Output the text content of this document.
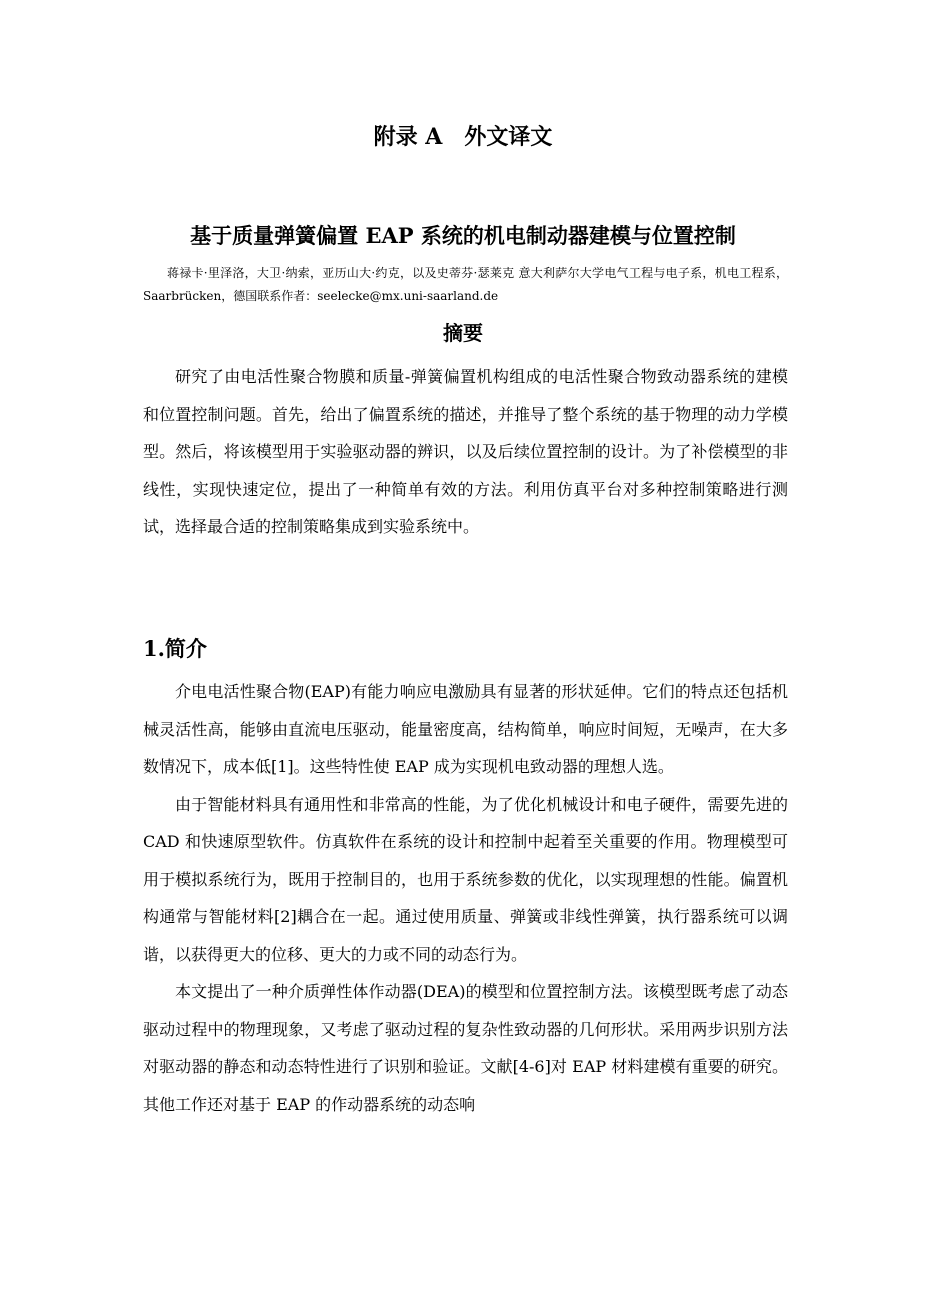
附录 A　外文译文
基于质量弹簧偏置 EAP 系统的机电制动器建模与位置控制
蒋禄卡·里泽洛，大卫·纳索，亚历山大·约克，以及史蒂芬·瑟莱克 意大利萨尔大学电气工程与电子系，机电工程系，Saarbrücken，德国联系作者：seelecke@mx.uni-saarland.de
摘要
研究了由电活性聚合物膜和质量-弹簧偏置机构组成的电活性聚合物致动器系统的建模和位置控制问题。首先，给出了偏置系统的描述，并推导了整个系统的基于物理的动力学模型。然后，将该模型用于实验驱动器的辨识，以及后续位置控制的设计。为了补偿模型的非线性，实现快速定位，提出了一种简单有效的方法。利用仿真平台对多种控制策略进行测试，选择最合适的控制策略集成到实验系统中。
1.简介

介电电活性聚合物(EAP)有能力响应电激励具有显著的形状延伸。它们的特点还包括机械灵活性高，能够由直流电压驱动，能量密度高，结构简单，响应时间短，无噪声，在大多数情况下，成本低[1]。这些特性使 EAP 成为实现机电致动器的理想人选。

由于智能材料具有通用性和非常高的性能，为了优化机械设计和电子硬件，需要先进的 CAD 和快速原型软件。仿真软件在系统的设计和控制中起着至关重要的作用。物理模型可用于模拟系统行为，既用于控制目的，也用于系统参数的优化，以实现理想的性能。偏置机构通常与智能材料[2]耦合在一起。通过使用质量、弹簧或非线性弹簧，执行器系统可以调谐，以获得更大的位移、更大的力或不同的动态行为。

本文提出了一种介质弹性体作动器(DEA)的模型和位置控制方法。该模型既考虑了动态驱动过程中的物理现象，又考虑了驱动过程的复杂性致动器的几何形状。采用两步识别方法对驱动器的静态和动态特性进行了识别和验证。文献[4-6]对 EAP 材料建模有重要的研究。其他工作还对基于 EAP 的作动器系统的动态响
